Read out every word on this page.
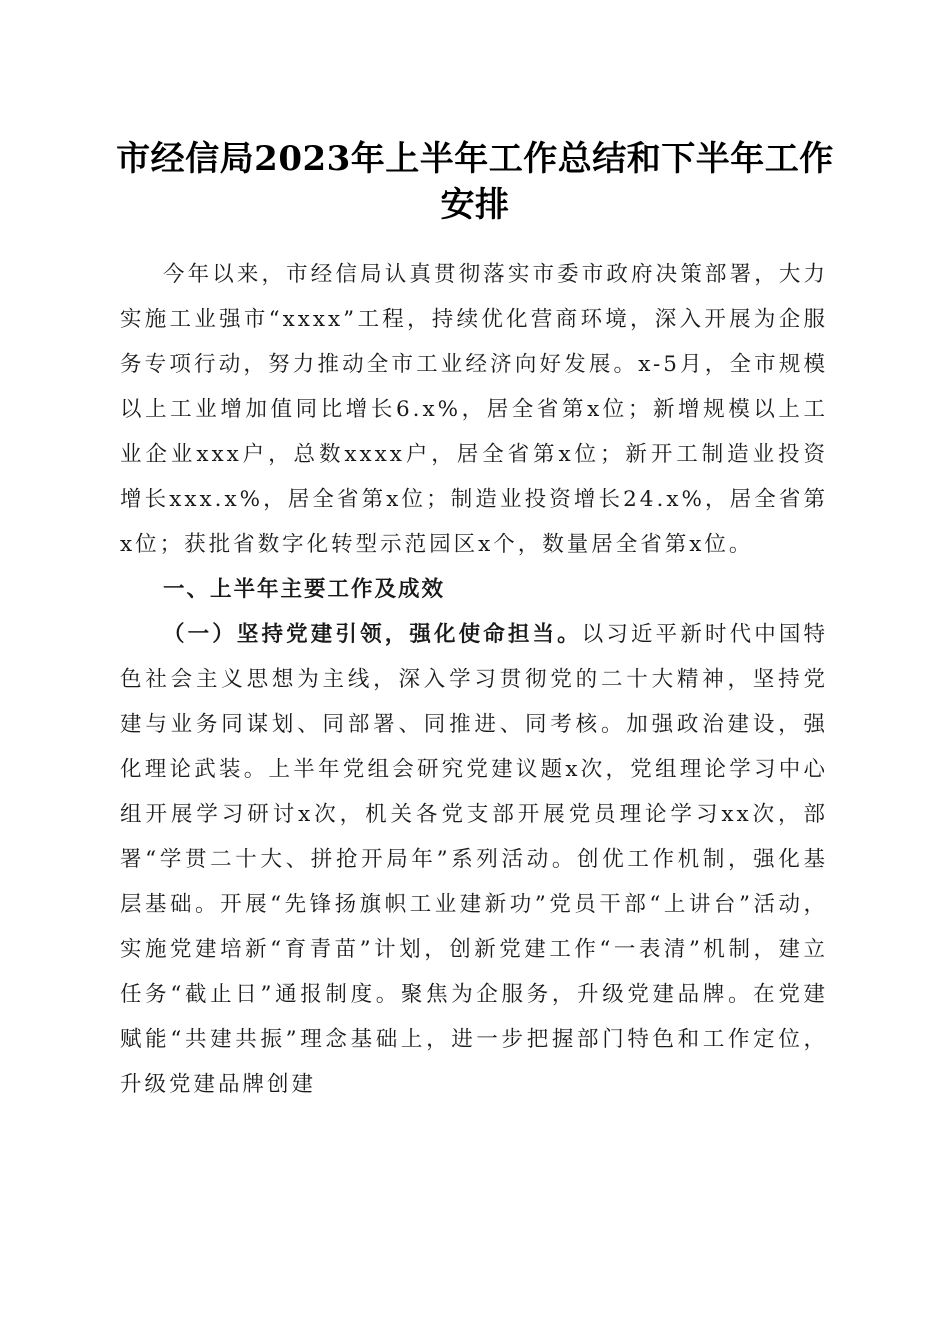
市经信局2023年上半年工作总结和下半年工作安排

今年以来，市经信局认真贯彻落实市委市政府决策部署，大力实施工业强市“xxxx”工程，持续优化营商环境，深入开展为企服务专项行动，努力推动全市工业经济向好发展。x-5月，全市规模以上工业增加值同比增长6.x%，居全省第x位；新增规模以上工业企业xxx户，总数xxxx户，居全省第x位；新开工制造业投资增长xxx.x%，居全省第x位；制造业投资增长24.x%，居全省第x位；获批省数字化转型示范园区x个，数量居全省第x位。

一、上半年主要工作及成效

（一）坚持党建引领，强化使命担当。以习近平新时代中国特色社会主义思想为主线，深入学习贯彻党的二十大精神，坚持党建与业务同谋划、同部署、同推进、同考核。加强政治建设，强化理论武装。上半年党组会研究党建议题x次，党组理论学习中心组开展学习研讨x次，机关各党支部开展党员理论学习xx次，部署“学贯二十大、拼抢开局年”系列活动。创优工作机制，强化基层基础。开展“先锋扬旗帜工业建新功”党员干部“上讲台”活动，实施党建培新“育青苗”计划，创新党建工作“一表清”机制，建立任务“截止日”通报制度。聚焦为企服务，升级党建品牌。在党建赋能“共建共振”理念基础上，进一步把握部门特色和工作定位，升级党建品牌创建
